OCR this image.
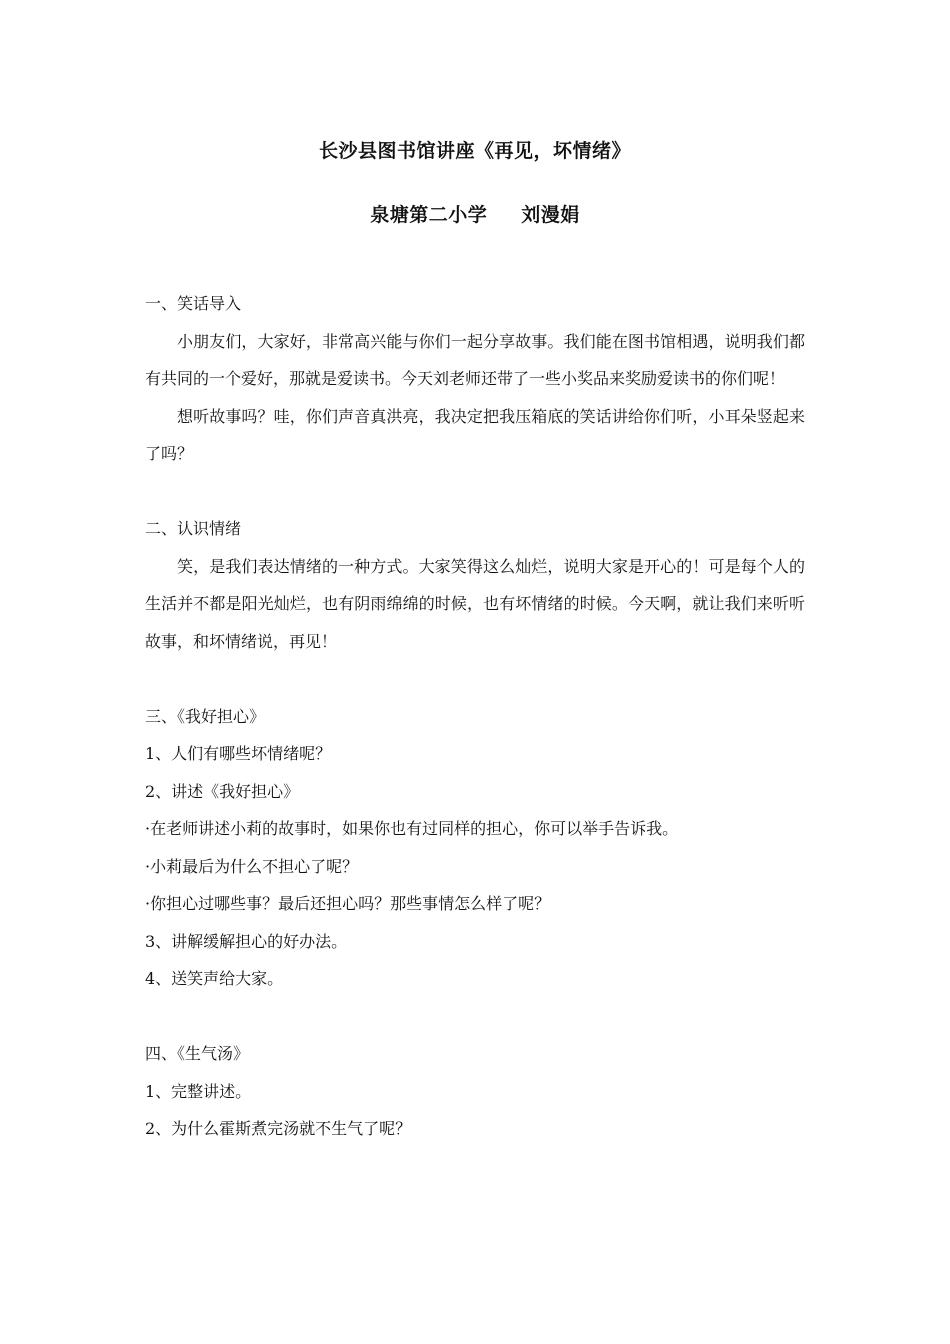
长沙县图书馆讲座《再见，坏情绪》
泉塘第二小学 刘漫娟

一、笑话导入

小朋友们，大家好，非常高兴能与你们一起分享故事。我们能在图书馆相遇，说明我们都有共同的一个爱好，那就是爱读书。今天刘老师还带了一些小奖品来奖励爱读书的你们呢！

想听故事吗？哇，你们声音真洪亮，我决定把我压箱底的笑话讲给你们听，小耳朵竖起来了吗？

二、认识情绪

笑，是我们表达情绪的一种方式。大家笑得这么灿烂，说明大家是开心的！可是每个人的生活并不都是阳光灿烂，也有阴雨绵绵的时候，也有坏情绪的时候。今天啊，就让我们来听听故事，和坏情绪说，再见！

三、《我好担心》

1、人们有哪些坏情绪呢？

2、讲述《我好担心》

·在老师讲述小莉的故事时，如果你也有过同样的担心，你可以举手告诉我。

·小莉最后为什么不担心了呢？

·你担心过哪些事？最后还担心吗？那些事情怎么样了呢？

3、讲解缓解担心的好办法。

4、送笑声给大家。

四、《生气汤》

1、完整讲述。

2、为什么霍斯煮完汤就不生气了呢？
